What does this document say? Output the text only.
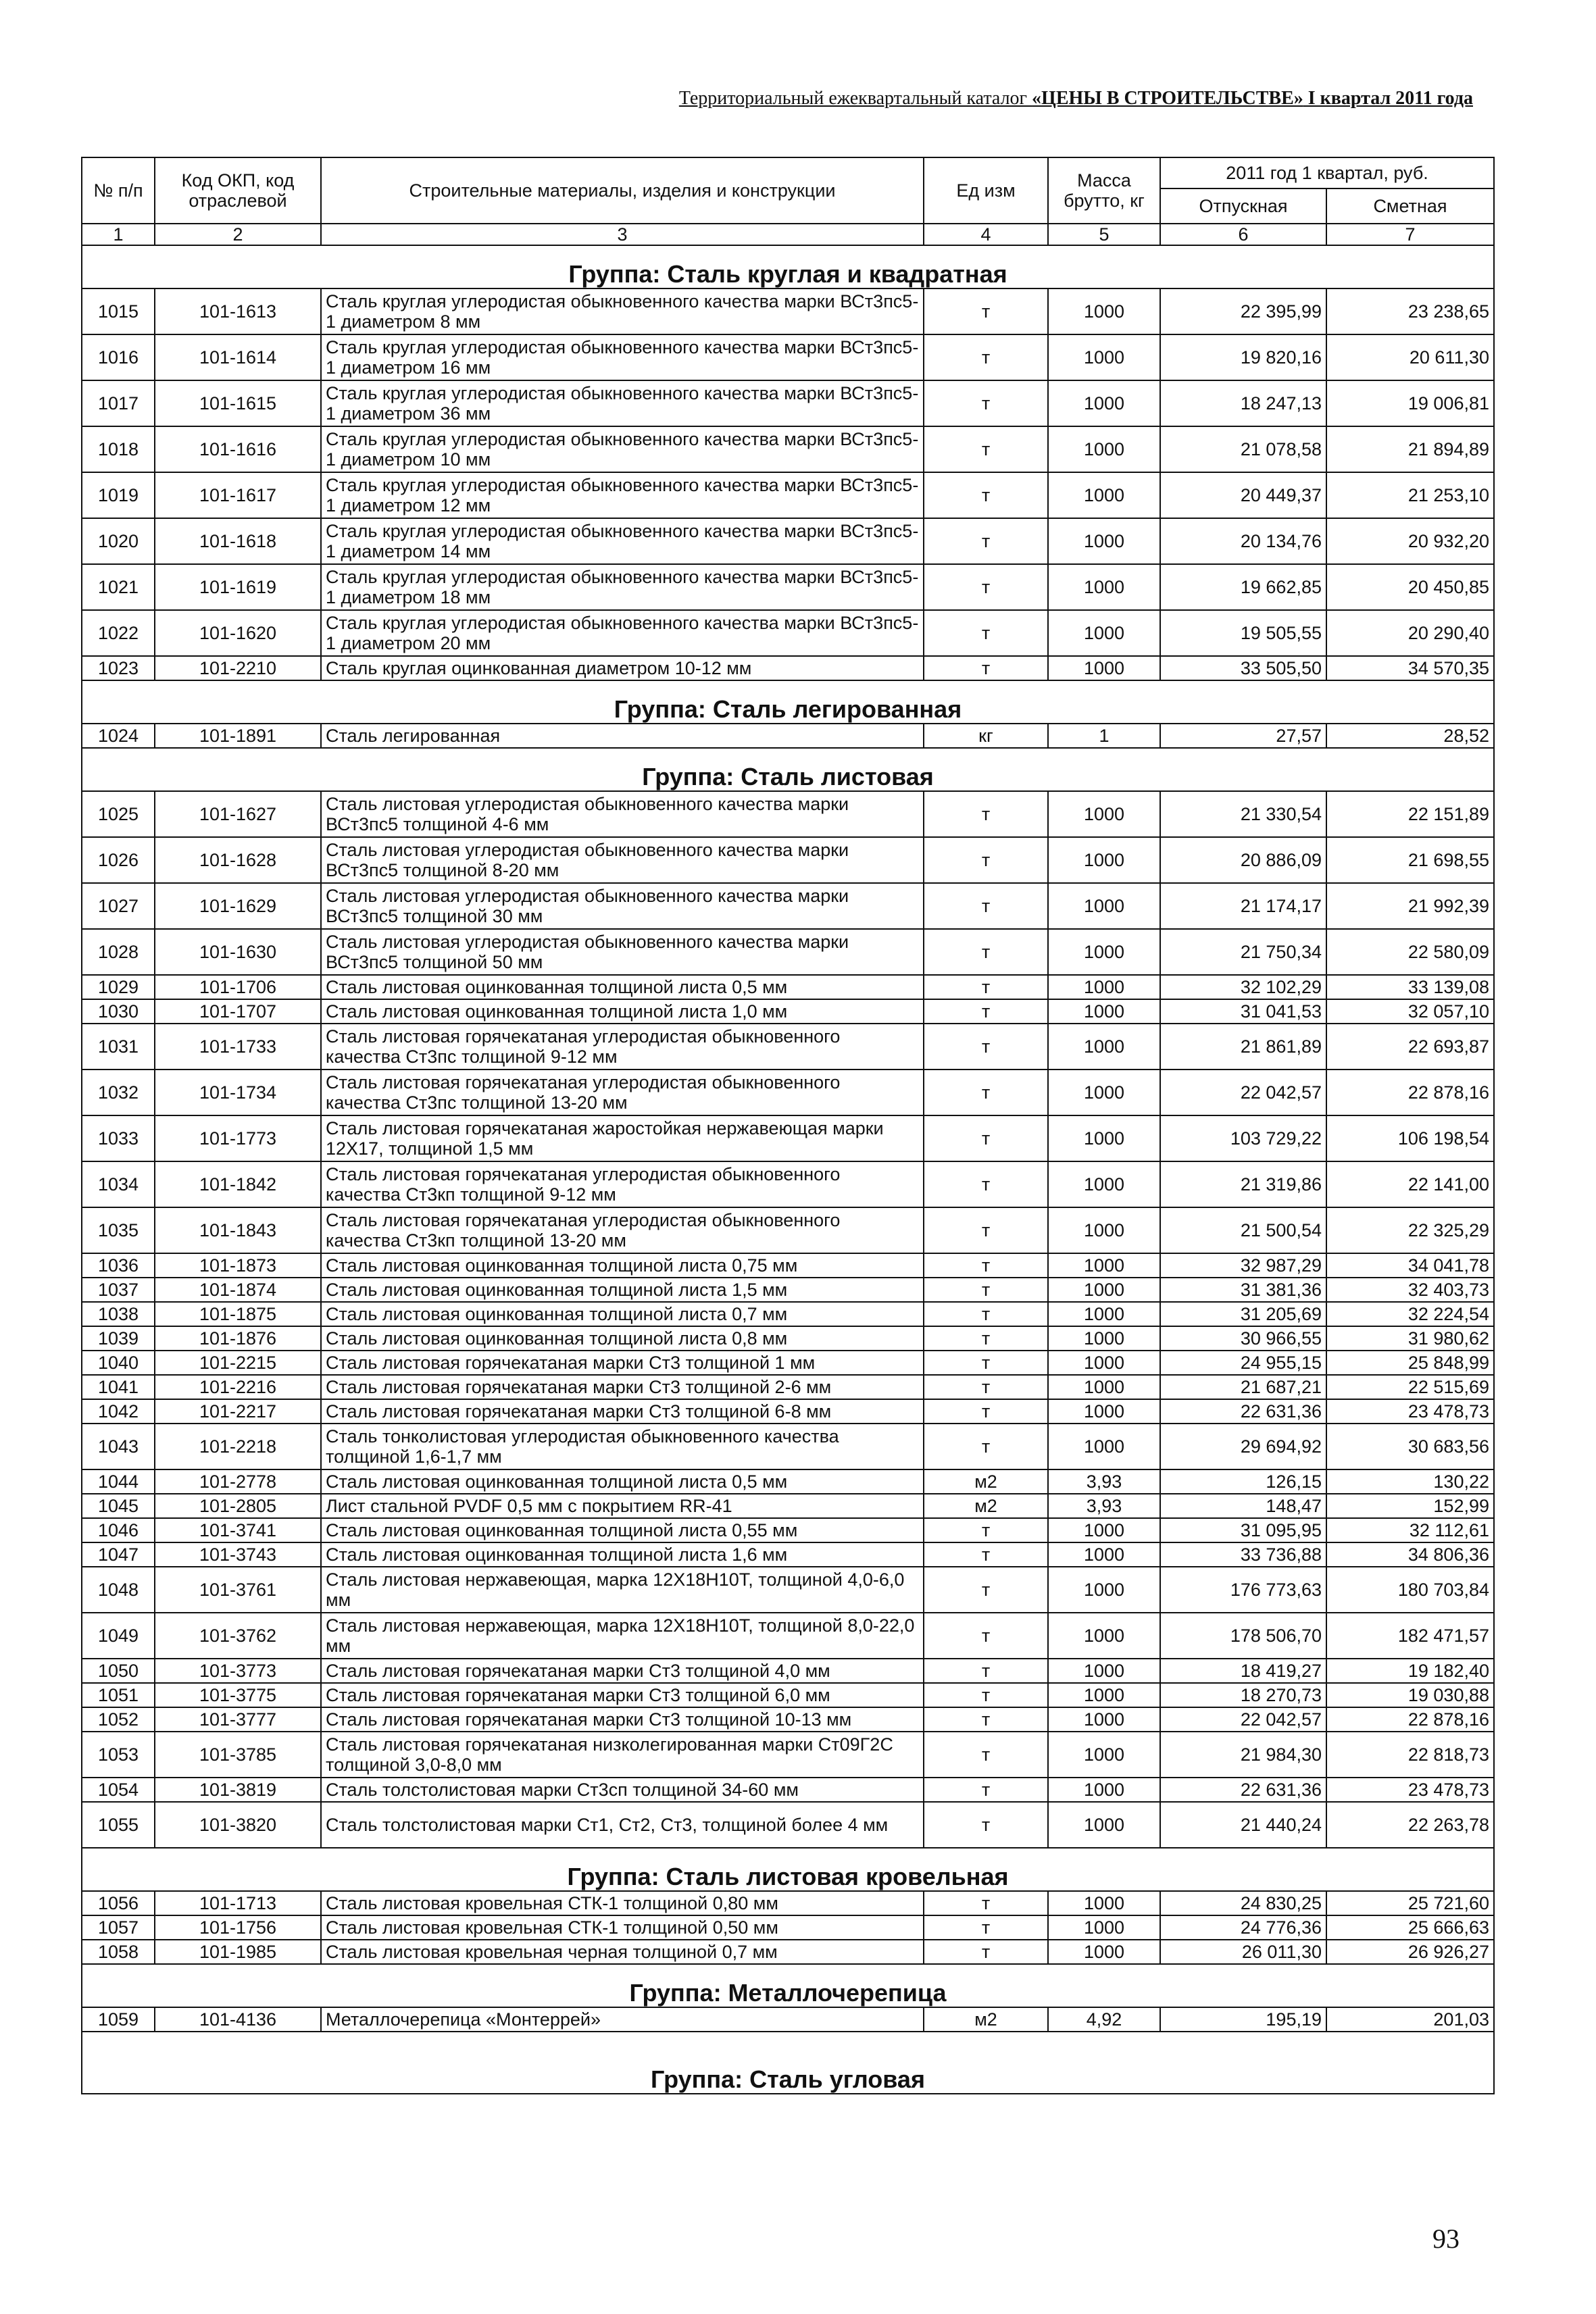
Территориальный ежеквартальный каталог «ЦЕНЫ В СТРОИТЕЛЬСТВЕ» I квартал 2011 года
№ п/п	Код ОКП, код отраслевой	Строительные материалы, изделия и конструкции	Ед изм	Масса брутто, кг	2011 год 1 квартал, руб.	
					Отпускная	Сметная
1	2	3	4	5	6	7
Группа: Сталь круглая и квадратная						
1015	101-1613	Сталь круглая углеродистая обыкновенного качества марки ВСт3пс5-1 диаметром 8 мм	т	1000	22 395,99	23 238,65
1016	101-1614	Сталь круглая углеродистая обыкновенного качества марки ВСт3пс5-1 диаметром 16 мм	т	1000	19 820,16	20 611,30
1017	101-1615	Сталь круглая углеродистая обыкновенного качества марки ВСт3пс5-1 диаметром 36 мм	т	1000	18 247,13	19 006,81
1018	101-1616	Сталь круглая углеродистая обыкновенного качества марки ВСт3пс5-1 диаметром 10 мм	т	1000	21 078,58	21 894,89
1019	101-1617	Сталь круглая углеродистая обыкновенного качества марки ВСт3пс5-1 диаметром 12 мм	т	1000	20 449,37	21 253,10
1020	101-1618	Сталь круглая углеродистая обыкновенного качества марки ВСт3пс5-1 диаметром 14 мм	т	1000	20 134,76	20 932,20
1021	101-1619	Сталь круглая углеродистая обыкновенного качества марки ВСт3пс5-1 диаметром 18 мм	т	1000	19 662,85	20 450,85
1022	101-1620	Сталь круглая углеродистая обыкновенного качества марки ВСт3пс5-1 диаметром 20 мм	т	1000	19 505,55	20 290,40
1023	101-2210	Сталь круглая оцинкованная диаметром 10-12 мм	т	1000	33 505,50	34 570,35
Группа: Сталь легированная						
1024	101-1891	Сталь легированная	кг	1	27,57	28,52
Группа: Сталь листовая						
1025	101-1627	Сталь листовая углеродистая обыкновенного качества марки ВСт3пс5 толщиной 4-6 мм	т	1000	21 330,54	22 151,89
1026	101-1628	Сталь листовая углеродистая обыкновенного качества марки ВСт3пс5 толщиной 8-20 мм	т	1000	20 886,09	21 698,55
1027	101-1629	Сталь листовая углеродистая обыкновенного качества марки ВСт3пс5 толщиной 30 мм	т	1000	21 174,17	21 992,39
1028	101-1630	Сталь листовая углеродистая обыкновенного качества марки ВСт3пс5 толщиной 50 мм	т	1000	21 750,34	22 580,09
1029	101-1706	Сталь листовая оцинкованная толщиной листа 0,5 мм	т	1000	32 102,29	33 139,08
1030	101-1707	Сталь листовая оцинкованная толщиной листа 1,0 мм	т	1000	31 041,53	32 057,10
1031	101-1733	Сталь листовая горячекатаная углеродистая обыкновенного качества Ст3пс толщиной 9-12 мм	т	1000	21 861,89	22 693,87
1032	101-1734	Сталь листовая горячекатаная углеродистая обыкновенного качества Ст3пс толщиной 13-20 мм	т	1000	22 042,57	22 878,16
1033	101-1773	Сталь листовая горячекатаная жаростойкая нержавеющая марки 12Х17, толщиной 1,5 мм	т	1000	103 729,22	106 198,54
1034	101-1842	Сталь листовая горячекатаная углеродистая обыкновенного качества Ст3кп толщиной 9-12 мм	т	1000	21 319,86	22 141,00
1035	101-1843	Сталь листовая горячекатаная углеродистая обыкновенного качества Ст3кп толщиной 13-20 мм	т	1000	21 500,54	22 325,29
1036	101-1873	Сталь листовая оцинкованная толщиной листа 0,75 мм	т	1000	32 987,29	34 041,78
1037	101-1874	Сталь листовая оцинкованная толщиной листа 1,5 мм	т	1000	31 381,36	32 403,73
1038	101-1875	Сталь листовая оцинкованная толщиной листа 0,7 мм	т	1000	31 205,69	32 224,54
1039	101-1876	Сталь листовая оцинкованная толщиной листа 0,8 мм	т	1000	30 966,55	31 980,62
1040	101-2215	Сталь листовая горячекатаная марки Ст3 толщиной 1 мм	т	1000	24 955,15	25 848,99
1041	101-2216	Сталь листовая горячекатаная марки Ст3 толщиной 2-6 мм	т	1000	21 687,21	22 515,69
1042	101-2217	Сталь листовая горячекатаная марки Ст3 толщиной 6-8 мм	т	1000	22 631,36	23 478,73
1043	101-2218	Сталь тонколистовая углеродистая обыкновенного качества толщиной 1,6-1,7 мм	т	1000	29 694,92	30 683,56
1044	101-2778	Сталь листовая оцинкованная толщиной листа 0,5 мм	м2	3,93	126,15	130,22
1045	101-2805	Лист стальной PVDF 0,5 мм с покрытием RR-41	м2	3,93	148,47	152,99
1046	101-3741	Сталь листовая оцинкованная толщиной листа 0,55 мм	т	1000	31 095,95	32 112,61
1047	101-3743	Сталь листовая оцинкованная толщиной листа 1,6 мм	т	1000	33 736,88	34 806,36
1048	101-3761	Сталь листовая нержавеющая, марка 12Х18Н10Т, толщиной 4,0-6,0 мм	т	1000	176 773,63	180 703,84
1049	101-3762	Сталь листовая нержавеющая, марка 12Х18Н10Т, толщиной 8,0-22,0 мм	т	1000	178 506,70	182 471,57
1050	101-3773	Сталь листовая горячекатаная марки Ст3 толщиной 4,0 мм	т	1000	18 419,27	19 182,40
1051	101-3775	Сталь листовая горячекатаная марки Ст3 толщиной 6,0 мм	т	1000	18 270,73	19 030,88
1052	101-3777	Сталь листовая горячекатаная марки Ст3 толщиной 10-13 мм	т	1000	22 042,57	22 878,16
1053	101-3785	Сталь листовая горячекатаная низколегированная марки Ст09Г2С толщиной 3,0-8,0 мм	т	1000	21 984,30	22 818,73
1054	101-3819	Сталь толстолистовая марки Ст3сп толщиной 34-60 мм	т	1000	22 631,36	23 478,73
1055	101-3820	Сталь толстолистовая марки Ст1, Ст2, Ст3, толщиной более 4 мм	т	1000	21 440,24	22 263,78
Группа: Сталь листовая кровельная						
1056	101-1713	Сталь листовая кровельная СТК-1 толщиной 0,80 мм	т	1000	24 830,25	25 721,60
1057	101-1756	Сталь листовая кровельная СТК-1 толщиной 0,50 мм	т	1000	24 776,36	25 666,63
1058	101-1985	Сталь листовая кровельная черная толщиной 0,7 мм	т	1000	26 011,30	26 926,27
Группа: Металлочерепица						
1059	101-4136	Металлочерепица «Монтеррей»	м2	4,92	195,19	201,03
Группа: Сталь угловая						
93
